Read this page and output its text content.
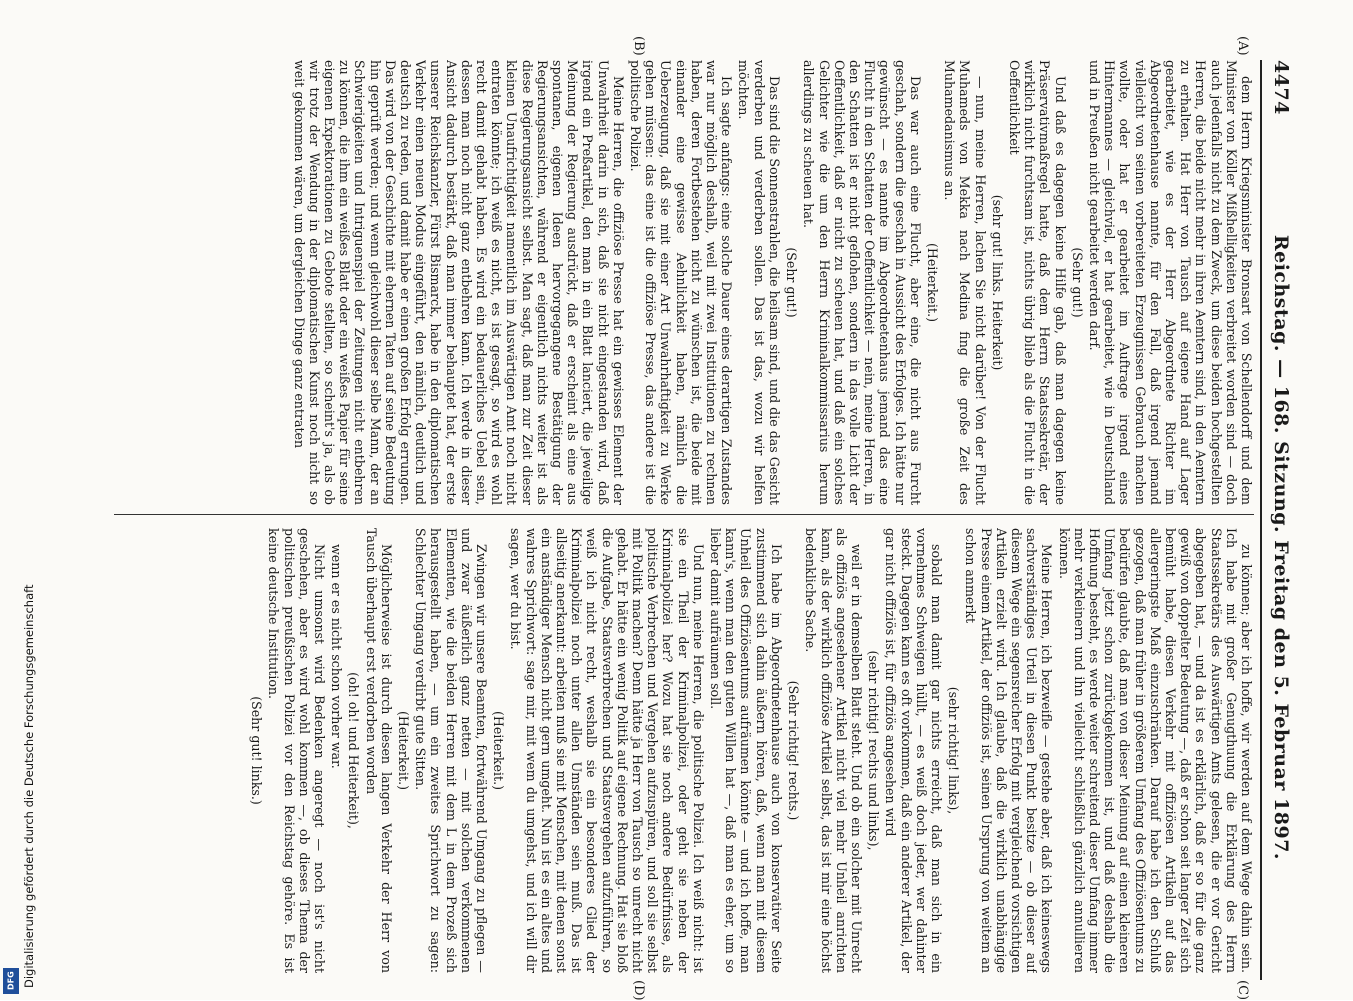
4474
Reichstag. — 168. Sitzung. Freitag den 5. Februar 1897.
(A)
(B)
(C)
(D)

dem Herrn Kriegsminister Bronsart von Schellendorff und dem Minister von Köller Mißhelligkeiten verbreitet worden sind — doch auch jedenfalls nicht zu dem Zweck, um diese beiden hochgestellten Herren, die beide nicht mehr in ihren Aemtern sind, in den Aemtern zu erhalten. Hat Herr von Tausch auf eigene Hand auf Lager gearbeitet, wie es der Herr Abgeordnete Richter im Abgeordnetenhause nannte, für den Fall, daß irgend jemand vielleicht von seinen vorbereiteten Erzeugnissen Gebrauch machen wollte, oder hat er gearbeitet im Auftrage irgend eines Hintermannes — gleichviel, er hat gearbeitet, wie in Deutschland und in Preußen nicht gearbeitet werden darf.

(Sehr gut!)

Und daß es dagegen keine Hilfe gab, daß man dagegen keine Präservativmaßregel hatte, daß dem Herrn Staatssekretär, der wirklich nicht furchtsam ist, nichts übrig blieb als die Flucht in die Oeffentlichkeit

(sehr gut! links. Heiterkeit)

— nun, meine Herren, lachen Sie nicht darüber! Von der Flucht Muhameds von Mekka nach Medina fing die große Zeit des Muhamedanismus an.

(Heiterkeit.)

Das war auch eine Flucht, aber eine, die nicht aus Furcht geschah, sondern die geschah in Aussicht des Erfolges. Ich hätte nur gewünscht — es nannte im Abgeordnetenhaus jemand das eine Flucht in den Schatten der Oeffentlichkeit — nein, meine Herren, in den Schatten ist er nicht geflohen, sondern in das volle Licht der Oeffentlichkeit, daß er nicht zu scheuen hat, und daß ein solches Gelichter wie die um den Herrn Kriminalkommissarius herum allerdings zu scheuen hat.

(Sehr gut!)

Das sind die Sonnenstrahlen, die heilsam sind, und die das Gesicht verderben und verderben sollen. Das ist das, wozu wir helfen möchten.

Ich sagte anfangs: eine solche Dauer eines derartigen Zustandes war nur möglich deshalb, weil mit zwei Institutionen zu rechnen haben, deren Fortbestehen nicht zu wünschen ist, die beide mit einander eine gewisse Aehnlichkeit haben, nämlich die Ueberzeugung, daß sie mit einer Art Unwahrhaftigkeit zu Werke gehen müssen: das eine ist die offiziöse Presse, das andere ist die politische Polizei.

Meine Herren, die offiziöse Presse hat ein gewisses Element der Unwahrheit darin in sich, daß sie nicht eingestanden wird, daß irgend ein Preßartikel, den man in ein Blatt lanciert, die jeweilige Meinung der Regierung ausdrückt, daß er erscheint als eine aus spontanen, eigenen Ideen hervorgegangene Bestätigung der Regierungsansichten, während er eigentlich nichts weiter ist als diese Regierungsansicht selbst. Man sagt, daß man zur Zeit dieser kleinen Unaufrichtigkeit namentlich im Auswärtigen Amt noch nicht entraten könnte; ich weiß es nicht, es ist gesagt, so wird es wohl recht damit gehabt haben. Es wird ein bedauerliches Uebel sein, dessen man noch nicht ganz entbehren kann. Ich werde in dieser Ansicht dadurch bestärkt, daß man immer behauptet hat, der erste unserer Reichskanzler, Fürst Bismarck, habe in den diplomatischen Verkehr einen neuen Modus eingeführt, den nämlich, deutlich und deutsch zu reden, und damit habe er einen großen Erfolg errungen. Das wird von der Geschichte mit ehernen Taten auf seine Bedeutung hin geprüft werden; und wenn gleichwohl dieser selbe Mann, der an Schwierigkeiten und Intriguenspiel der Zeitungen nicht entbehren zu können, die ihm ein weißes Blatt oder ein weißes Papier für seine eigenen Expektorationen zu Gebote stellten, so scheint's ja, als ob wir trotz der Wendung in der diplomatischen Kunst noch nicht so weit gekommen wären, um dergleichen Dinge ganz entraten

zu können; aber ich hoffe, wir werden auf dem Wege dahin sein. Ich habe mit großer Genugthuung die Erklärung des Herrn Staatssekretärs des Auswärtigen Amts gelesen, die er vor Gericht abgegeben hat, — und da ist es erklärlich, daß er so für die ganz gewiß von doppelter Bedeutung —, daß er schon seit langer Zeit sich bemüht habe, diesen Verkehr mit offiziösen Artikeln auf das allergeringste Maß einzuschränken. Darauf habe ich den Schluß gezogen, daß man früher in größerem Umfang des Offiziösentums zu bedürfen glaubte, daß man von dieser Meinung auf einen kleineren Umfang jetzt schon zurückgekommen ist, und daß deshalb die Hoffnung besteht, es werde weiter schreitend dieser Umfang immer mehr verkleinern und ihn vielleicht schließlich gänzlich annullieren können.

Meine Herren, ich bezweifle — gestehe aber, daß ich keineswegs sachverständiges Urteil in diesen Punkt besitze — ob dieser auf diesem Wege ein segensreicher Erfolg mit vergleichend vorsichtigen Artikeln erzielt wird. Ich glaube, daß die wirklich unabhängige Presse einem Artikel, der offiziös ist, seinen Ursprung von weitem an schon anmerkt

(sehr richtig! links),

sobald man damit gar nichts erreicht, daß man sich in ein vornehmes Schweigen hüllt, — es weiß doch jeder, wer dahinter steckt. Dagegen kann es oft vorkommen, daß ein anderer Artikel, der gar nicht offiziös ist, für offiziös angesehen wird

(sehr richtig! rechts und links),

weil er in demselben Blatt steht. Und ob ein solcher mit Unrecht als offiziös angesehener Artikel nicht viel mehr Unheil anrichten kann, als der wirklich offiziöse Artikel selbst, das ist mir eine höchst bedenkliche Sache.

(Sehr richtig! rechts.)

Ich habe im Abgeordnetenhause auch von konservativer Seite zustimmend sich dahin äußern hören, daß, wenn man mit diesem Unheil des Offiziösentums aufräumen könnte — und ich hoffe, man kann's, wenn man den guten Willen hat —, daß man es eher, um so lieber damit aufräumen soll.

Und nun, meine Herren, die politische Polizei. Ich weiß nicht: ist sie ein Theil der Kriminalpolizei, oder geht sie neben der Kriminalpolizei her? Wozu hat sie noch andere Bedürfnisse, als politische Verbrechen und Vergehen aufzuspüren, und soll sie selbst mit Politik machen? Denn hätte ja Herr von Tausch so unrecht nicht gehabt. Er hätte ein wenig Politik auf eigene Rechnung. Hat sie bloß die Aufgabe, Staatsverbrechen und Staatsvergehen aufzuführen, so weiß ich nicht recht, weshalb sie ein besonderes Glied der Kriminalpolizei noch unter allen Umständen sein muß. Das ist allseitig anerkannt: arbeiten muß sie mit Menschen, mit denen sonst ein anständiger Mensch nicht gern umgeht. Nun ist es ein altes und wahres Sprichwort: sage mir, mit wem du umgehst, und ich will dir sagen, wer du bist.

(Heiterkeit.)

Zwingen wir unsere Beamten, fortwährend Umgang zu pflegen — und zwar äußerlich ganz netten — mit solchen verkommenen Elementen, wie die beiden Herren mit dem L in dem Prozeß sich herausgestellt haben, — um ein zweites Sprichwort zu sagen: Schlechter Umgang verdirbt gute Sitten.

(Heiterkeit.)

Möglicherweise ist durch diesen langen Verkehr der Herr von Tausch überhaupt erst verdorben worden

(oh! oh! und Heiterkeit),

wenn er es nicht schon vorher war.

Nicht umsonst wird Bedenken angeregt — noch ist's nicht geschehen, aber es wird wohl kommen —, ob dieses Thema der politischen preußischen Polizei vor den Reichstag gehöre. Es ist keine deutsche Institution.

(Sehr gut! links.)

DFG Digitalisierung gefördert durch die Deutsche Forschungsgemeinschaft
